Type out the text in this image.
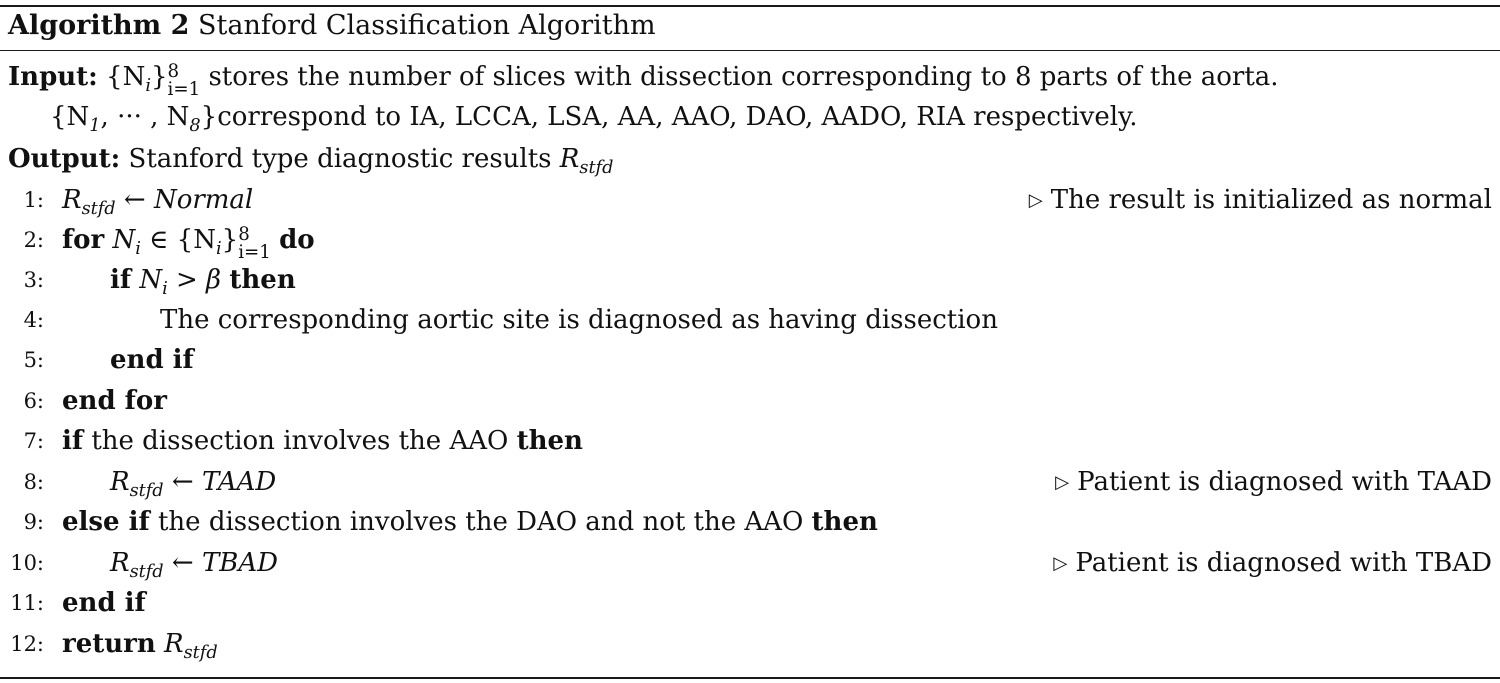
Algorithm 2 Stanford Classification Algorithm
Input: $\{N_i\}$ 8
i=1 stores the number of slices with dissection corresponding to 8 parts of the aorta.
{$N_1$, ··· , $N_8\}correspond$ to IA, LCCA, LSA, AA, AAO, DAO, AADO, RIA respectively.
Output: Stanford type diagnostic results $R_{stfd}$
1: $R_{stfd}$ ← Normal	▷ The result is initialized as normal
2: for $N_i$ ∈ $\{N_i\}$ 8
i=1 do
3:	if $N_i > \beta$ then
4:	The corresponding aortic site is diagnosed as having dissection
5:	end if
6: end for
7: if the dissection involves the AAO then
8:	$R_{stfd}$ ← TAAD	▷ Patient is diagnosed with TAAD
9: else if the dissection involves the DAO and not the AAO then
10:	$R_{stfd}$ ← TBAD	▷ Patient is diagnosed with TBAD
11: end if
12: return $R_{stfd}$
